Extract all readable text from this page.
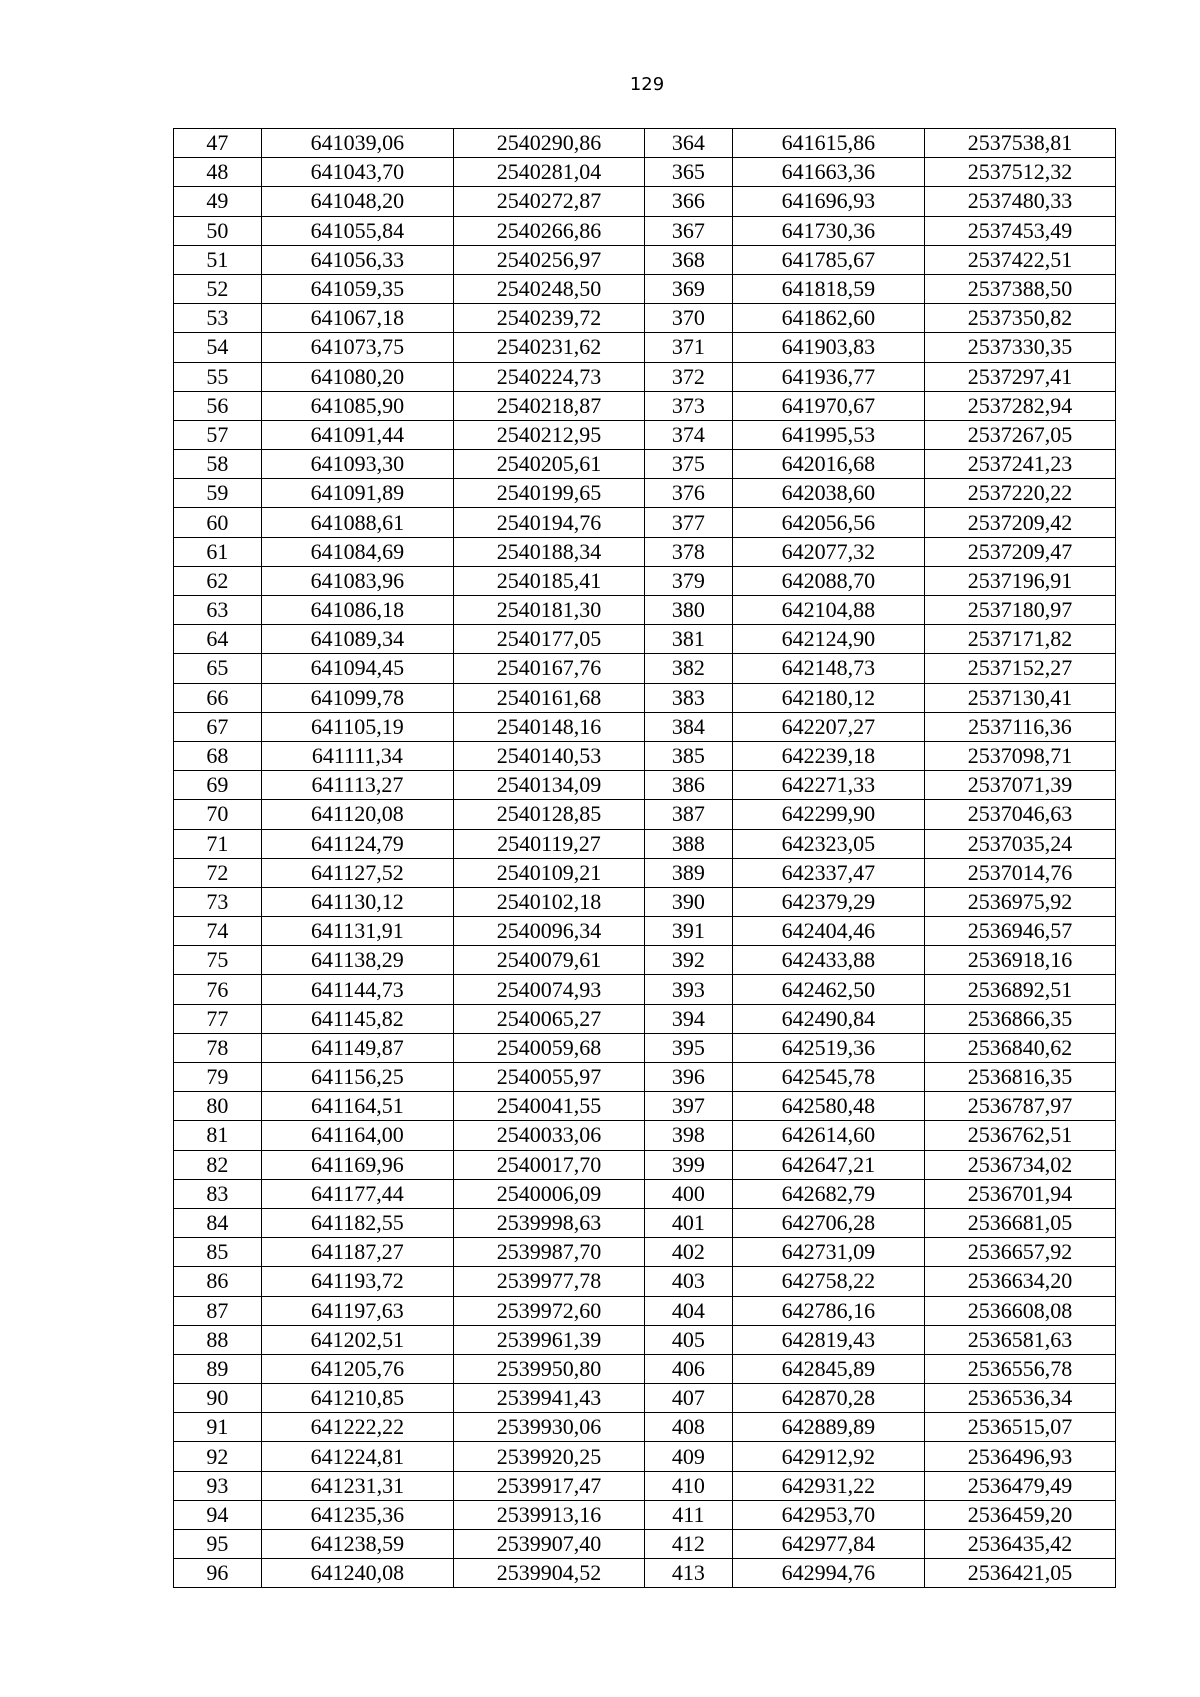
129
47	641039,06	2540290,86	364	641615,86	2537538,81
48	641043,70	2540281,04	365	641663,36	2537512,32
49	641048,20	2540272,87	366	641696,93	2537480,33
50	641055,84	2540266,86	367	641730,36	2537453,49
51	641056,33	2540256,97	368	641785,67	2537422,51
52	641059,35	2540248,50	369	641818,59	2537388,50
53	641067,18	2540239,72	370	641862,60	2537350,82
54	641073,75	2540231,62	371	641903,83	2537330,35
55	641080,20	2540224,73	372	641936,77	2537297,41
56	641085,90	2540218,87	373	641970,67	2537282,94
57	641091,44	2540212,95	374	641995,53	2537267,05
58	641093,30	2540205,61	375	642016,68	2537241,23
59	641091,89	2540199,65	376	642038,60	2537220,22
60	641088,61	2540194,76	377	642056,56	2537209,42
61	641084,69	2540188,34	378	642077,32	2537209,47
62	641083,96	2540185,41	379	642088,70	2537196,91
63	641086,18	2540181,30	380	642104,88	2537180,97
64	641089,34	2540177,05	381	642124,90	2537171,82
65	641094,45	2540167,76	382	642148,73	2537152,27
66	641099,78	2540161,68	383	642180,12	2537130,41
67	641105,19	2540148,16	384	642207,27	2537116,36
68	641111,34	2540140,53	385	642239,18	2537098,71
69	641113,27	2540134,09	386	642271,33	2537071,39
70	641120,08	2540128,85	387	642299,90	2537046,63
71	641124,79	2540119,27	388	642323,05	2537035,24
72	641127,52	2540109,21	389	642337,47	2537014,76
73	641130,12	2540102,18	390	642379,29	2536975,92
74	641131,91	2540096,34	391	642404,46	2536946,57
75	641138,29	2540079,61	392	642433,88	2536918,16
76	641144,73	2540074,93	393	642462,50	2536892,51
77	641145,82	2540065,27	394	642490,84	2536866,35
78	641149,87	2540059,68	395	642519,36	2536840,62
79	641156,25	2540055,97	396	642545,78	2536816,35
80	641164,51	2540041,55	397	642580,48	2536787,97
81	641164,00	2540033,06	398	642614,60	2536762,51
82	641169,96	2540017,70	399	642647,21	2536734,02
83	641177,44	2540006,09	400	642682,79	2536701,94
84	641182,55	2539998,63	401	642706,28	2536681,05
85	641187,27	2539987,70	402	642731,09	2536657,92
86	641193,72	2539977,78	403	642758,22	2536634,20
87	641197,63	2539972,60	404	642786,16	2536608,08
88	641202,51	2539961,39	405	642819,43	2536581,63
89	641205,76	2539950,80	406	642845,89	2536556,78
90	641210,85	2539941,43	407	642870,28	2536536,34
91	641222,22	2539930,06	408	642889,89	2536515,07
92	641224,81	2539920,25	409	642912,92	2536496,93
93	641231,31	2539917,47	410	642931,22	2536479,49
94	641235,36	2539913,16	411	642953,70	2536459,20
95	641238,59	2539907,40	412	642977,84	2536435,42
96	641240,08	2539904,52	413	642994,76	2536421,05
